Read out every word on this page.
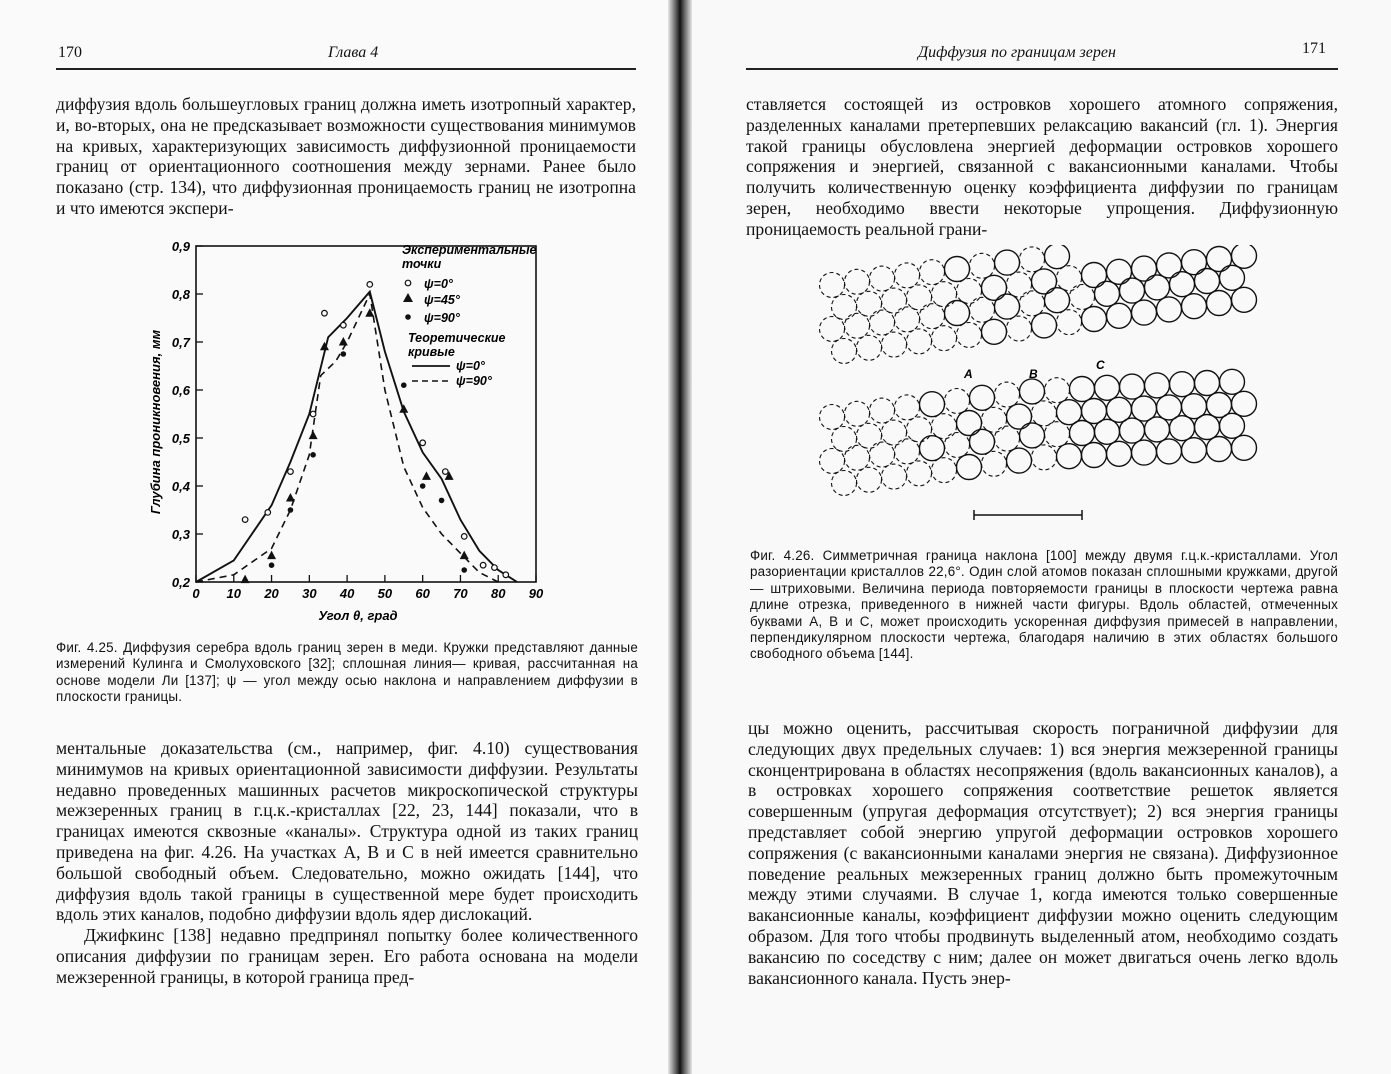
170	Глава 4

диффузия вдоль большеугловых границ должна иметь изотропный характер, и, во-вторых, она не предсказывает возможности существования минимумов на кривых, характеризующих зависимость диффузионной проницаемости границ от ориентационного соотношения между зернами. Ранее было показано (стр. 134), что диффузионная проницаемость границ не изотропна и что имеются экспери-

0,2
0,3
0,4
0,5
0,6
0,7
0,8
0,9
0 10 20 30 40 50 60 70 80 90
Глубина проникновения, мм
Угол θ, град
Экспериментальные точки
ψ=0°
ψ=45°
ψ=90°
Теоретические кривые
ψ=0°
ψ=90°

Фиг. 4.25. Диффузия серебра вдоль границ зерен в меди. Кружки представляют данные измерений Кулинга и Смолуховского [32]; сплошная линия— кривая, рассчитанная на основе модели Ли [137]; ψ — угол между осью наклона и направлением диффузии в плоскости границы.

ментальные доказательства (см., например, фиг. 4.10) существования минимумов на кривых ориентационной зависимости диффузии. Результаты недавно проведенных машинных расчетов микроскопической структуры межзеренных границ в г.ц.к.-кристаллах [22, 23, 144] показали, что в границах имеются сквозные «каналы». Структура одной из таких границ приведена на фиг. 4.26. На участках A, B и C в ней имеется сравнительно большой свободный объем. Следовательно, можно ожидать [144], что диффузия вдоль такой границы в существенной мере будет происходить вдоль этих каналов, подобно диффузии вдоль ядер дислокаций.

Джифкинс [138] недавно предпринял попытку более количественного описания диффузии по границам зерен. Его работа основана на модели межзеренной границы, в которой граница пред-

Диффузия по границам зерен	171

ставляется состоящей из островков хорошего атомного сопряжения, разделенных каналами претерпевших релаксацию вакансий (гл. 1). Энергия такой границы обусловлена энергией деформации островков хорошего сопряжения и энергией, связанной с вакансионными каналами. Чтобы получить количественную оценку коэффициента диффузии по границам зерен, необходимо ввести некоторые упрощения. Диффузионную проницаемость реальной грани-

A	B
C

Фиг. 4.26. Симметричная граница наклона [100] между двумя г.ц.к.-кристаллами. Угол разориентации кристаллов 22,6°. Один слой атомов показан сплошными кружками, другой — штриховыми. Величина периода повторяемости границы в плоскости чертежа равна длине отрезка, приведенного в нижней части фигуры. Вдоль областей, отмеченных буквами A, B и C, может происходить ускоренная диффузия примесей в направлении, перпендикулярном плоскости чертежа, благодаря наличию в этих областях большого свободного объема [144].

цы можно оценить, рассчитывая скорость пограничной диффузии для следующих двух предельных случаев: 1) вся энергия межзеренной границы сконцентрирована в областях несопряжения (вдоль вакансионных каналов), а в островках хорошего сопряжения соответствие решеток является совершенным (упругая деформация отсутствует); 2) вся энергия границы представляет собой энергию упругой деформации островков хорошего сопряжения (с вакансионными каналами энергия не связана). Диффузионное поведение реальных межзеренных границ должно быть промежуточным между этими случаями. В случае 1, когда имеются только совершенные вакансионные каналы, коэффициент диффузии можно оценить следующим образом. Для того чтобы продвинуть выделенный атом, необходимо создать вакансию по соседству с ним; далее он может двигаться очень легко вдоль вакансионного канала. Пусть энер-
